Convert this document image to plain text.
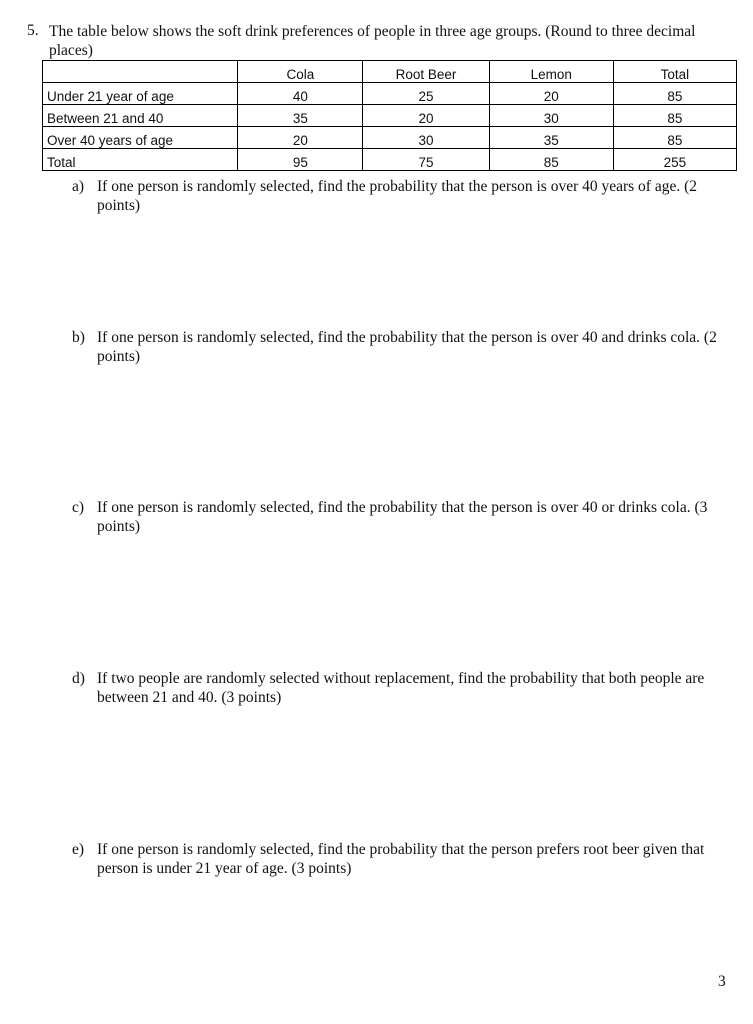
5. The table below shows the soft drink preferences of people in three age groups. (Round to three decimal places)
	Cola	Root Beer	Lemon	Total
Under 21 year of age	40	25	20	85
Between 21 and 40	35	20	30	85
Over 40 years of age	20	30	35	85
Total	95	75	85	255
a) If one person is randomly selected, find the probability that the person is over 40 years of age. (2 points)
b) If one person is randomly selected, find the probability that the person is over 40 and drinks cola. (2 points)
c) If one person is randomly selected, find the probability that the person is over 40 or drinks cola. (3 points)
d) If two people are randomly selected without replacement, find the probability that both people are between 21 and 40. (3 points)
e) If one person is randomly selected, find the probability that the person prefers root beer given that person is under 21 year of age. (3 points)
3
